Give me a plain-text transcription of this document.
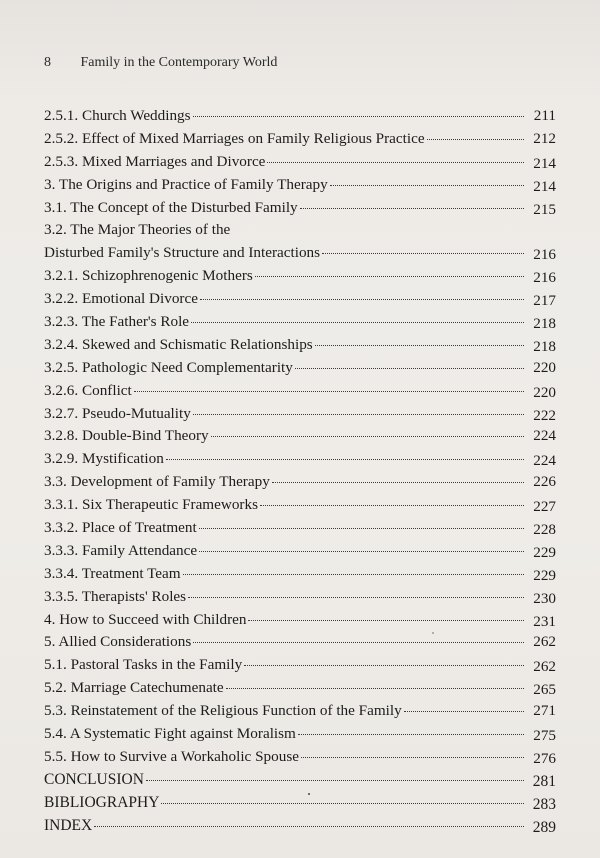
8 Family in the Contemporary World
2.5.1. Church Weddings	211
2.5.2. Effect of Mixed Marriages on Family Religious Practice	212
2.5.3. Mixed Marriages and Divorce	214
3. The Origins and Practice of Family Therapy	214
3.1. The Concept of the Disturbed Family	215
3.2. The Major Theories of the
Disturbed Family's Structure and Interactions	216
3.2.1. Schizophrenogenic Mothers	216
3.2.2. Emotional Divorce	217
3.2.3. The Father's Role	218
3.2.4. Skewed and Schismatic Relationships	218
3.2.5. Pathologic Need Complementarity	220
3.2.6. Conflict	220
3.2.7. Pseudo-Mutuality	222
3.2.8. Double-Bind Theory	224
3.2.9. Mystification	224
3.3. Development of Family Therapy	226
3.3.1. Six Therapeutic Frameworks	227
3.3.2. Place of Treatment	228
3.3.3. Family Attendance	229
3.3.4. Treatment Team	229
3.3.5. Therapists' Roles	230
4. How to Succeed with Children	231
5. Allied Considerations	262
5.1. Pastoral Tasks in the Family	262
5.2. Marriage Catechumenate	265
5.3. Reinstatement of the Religious Function of the Family	271
5.4. A Systematic Fight against Moralism	275
5.5. How to Survive a Workaholic Spouse	276
CONCLUSION	281
BIBLIOGRAPHY	283
INDEX	289
